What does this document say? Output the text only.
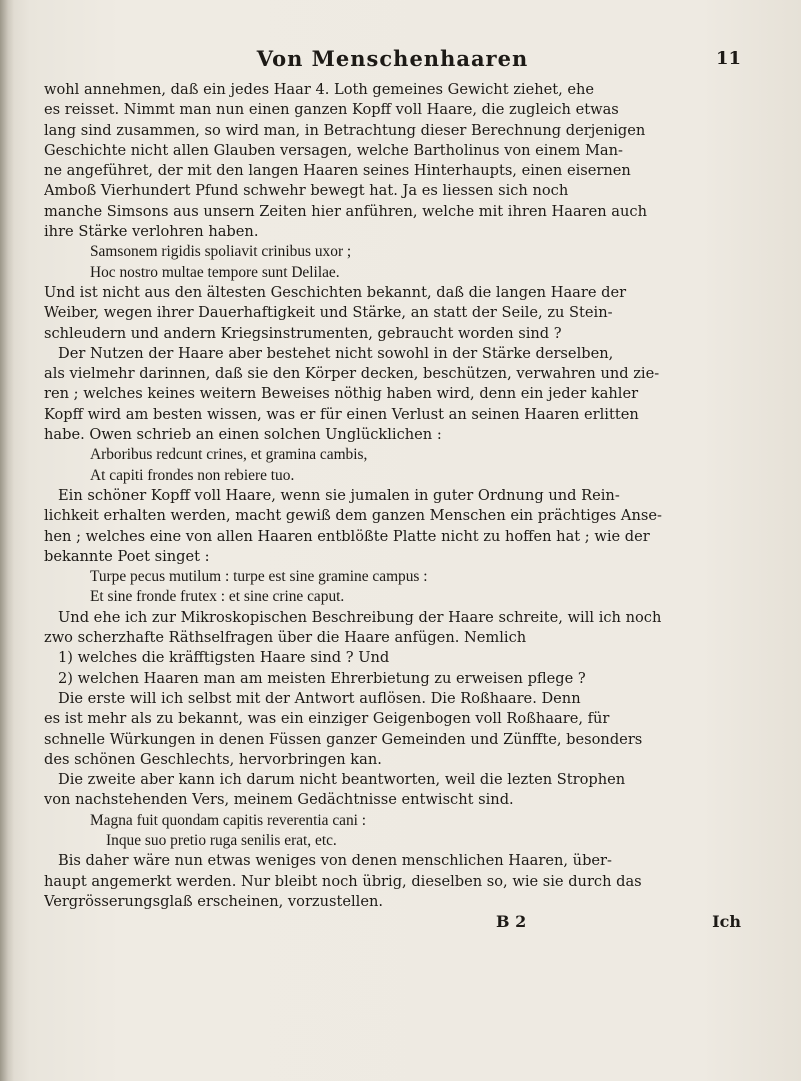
Von Menschenhaaren	11
wohl annehmen, daß ein jedes Haar 4. Loth gemeines Gewicht ziehet, ehe
es reisset. Nimmt man nun einen ganzen Kopff voll Haare, die zugleich etwas
lang sind zusammen, so wird man, in Betrachtung dieser Berechnung derjenigen
Geschichte nicht allen Glauben versagen, welche Bartholinus von einem Man-
ne angeführet, der mit den langen Haaren seines Hinterhaupts, einen eisernen
Amboß Vierhundert Pfund schwehr bewegt hat. Ja es liessen sich noch
manche Simsons aus unsern Zeiten hier anführen, welche mit ihren Haaren auch
ihre Stärke verlohren haben.
Samsonem rigidis spoliavit crinibus uxor ;
Hoc nostro multae tempore sunt Delilae.
Und ist nicht aus den ältesten Geschichten bekannt, daß die langen Haare der
Weiber, wegen ihrer Dauerhaftigkeit und Stärke, an statt der Seile, zu Stein-
schleudern und andern Kriegsinstrumenten, gebraucht worden sind ?
Der Nutzen der Haare aber bestehet nicht sowohl in der Stärke derselben,
als vielmehr darinnen, daß sie den Körper decken, beschützen, verwahren und zie-
ren ; welches keines weitern Beweises nöthig haben wird, denn ein jeder kahler
Kopff wird am besten wissen, was er für einen Verlust an seinen Haaren erlitten
habe. Owen schrieb an einen solchen Unglücklichen :
Arboribus redcunt crines, et gramina cambis,
At capiti frondes non rebiere tuo.
Ein schöner Kopff voll Haare, wenn sie jumalen in guter Ordnung und Rein-
lichkeit erhalten werden, macht gewiß dem ganzen Menschen ein prächtiges Anse-
hen ; welches eine von allen Haaren entblößte Platte nicht zu hoffen hat ; wie der
bekannte Poet singet :
Turpe pecus mutilum : turpe est sine gramine campus :
Et sine fronde frutex : et sine crine caput.
Und ehe ich zur Mikroskopischen Beschreibung der Haare schreite, will ich noch
zwo scherzhafte Räthselfragen über die Haare anfügen. Nemlich
1) welches die kräfftigsten Haare sind ? Und
2) welchen Haaren man am meisten Ehrerbietung zu erweisen pflege ?
Die erste will ich selbst mit der Antwort auflösen. Die Roßhaare. Denn
es ist mehr als zu bekannt, was ein einziger Geigenbogen voll Roßhaare, für
schnelle Würkungen in denen Füssen ganzer Gemeinden und Zünffte, besonders
des schönen Geschlechts, hervorbringen kan.
Die zweite aber kann ich darum nicht beantworten, weil die lezten Strophen
von nachstehenden Vers, meinem Gedächtnisse entwischt sind.
Magna fuit quondam capitis reverentia cani :
Inque suo pretio ruga senilis erat, etc.
Bis daher wäre nun etwas weniges von denen menschlichen Haaren, über-
haupt angemerkt werden. Nur bleibt noch übrig, dieselben so, wie sie durch das
Vergrösserungsglaß erscheinen, vorzustellen.
B 2	Ich
